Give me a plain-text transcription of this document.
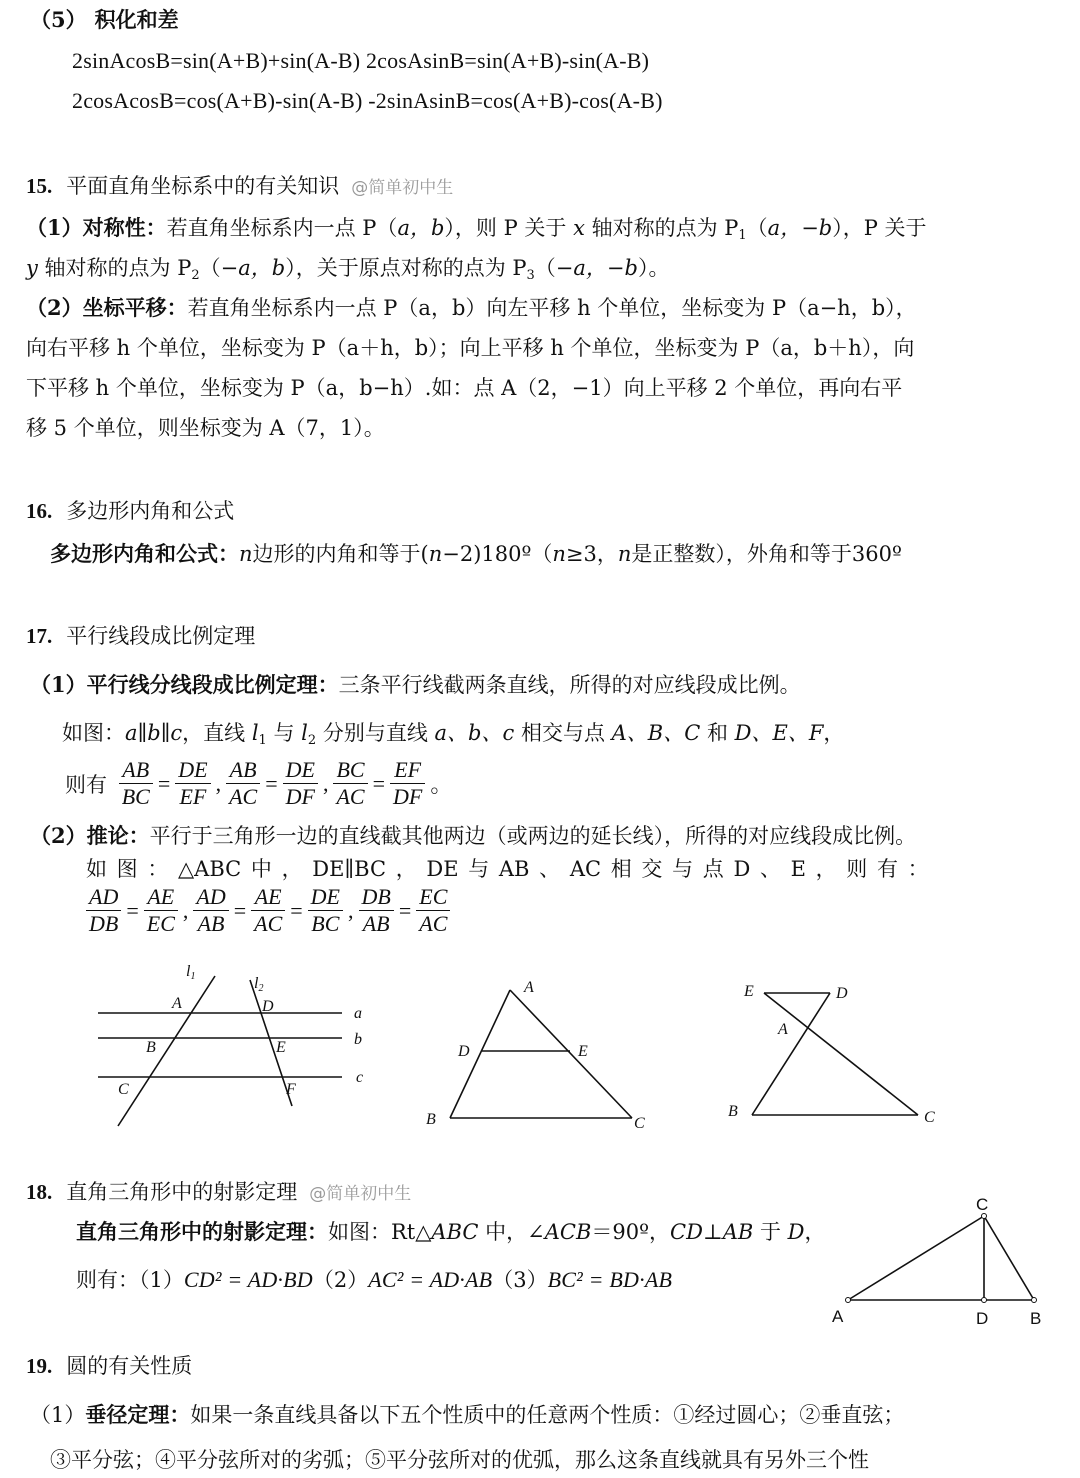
（5） 积化和差
2sinAcosB=sin(A+B)+sin(A-B) 2cosAsinB=sin(A+B)-sin(A-B)
2cosAcosB=cos(A+B)-sin(A-B) -2sinAsinB=cos(A+B)-cos(A-B)
15. 平面直角坐标系中的有关知识 @简单初中生
（1）对称性：若直角坐标系内一点 P（a，b），则 P 关于 x 轴对称的点为 $P_1(a$，−b），P 关于
y 轴对称的点为 $P_2(-a$，b），关于原点对称的点为 $P_3(-a$，−b）。
（2）坐标平移：若直角坐标系内一点 P（a，b）向左平移 h 个单位，坐标变为 P（a−h，b），
向右平移 h 个单位，坐标变为 P（a＋h，b）；向上平移 h 个单位，坐标变为 P（a，b＋h），向
下平移 h 个单位，坐标变为 P（a，b−h）.如：点 A（2，−1）向上平移 2 个单位，再向右平
移 5 个单位，则坐标变为 A（7，1）。
16. 多边形内角和公式
多边形内角和公式：n边形的内角和等于(n−2)180º（n≥3，n是正整数），外角和等于360º
17. 平行线段成比例定理
（1）平行线分线段成比例定理：三条平行线截两条直线，所得的对应线段成比例。
如图：a∥b∥c，直线 $l_1$ 与 $l_2$ 分别与直线 a、b、c 相交与点 A、B、C 和 D、E、F，
则有 $\frac{AB}{BC} = \frac{DE}{EF}$ , $\frac{AB}{AC} = \frac{DE}{DF}$ , $\frac{BC}{AC} = \frac{EF}{DF}$ 。
（2）推论：平行于三角形一边的直线截其他两边（或两边的延长线），所得的对应线段成比例。
如 图 ： △ABC 中 ， DE∥BC ， DE 与 AB 、 AC 相 交 与 点 D 、 E ， 则 有 ：
$\frac{AD}{DB} = \frac{AE}{EC}$ , $\frac{AD}{AB} = \frac{AE}{AC} = \frac{DE}{BC}$ , $\frac{DB}{AB} = \frac{EC}{AC}$
l1	l2
A	D	a
B	E	b
C	F
c
A
D	E
B	C
E	D
A
B	C
18. 直角三角形中的射影定理 @简单初中生
直角三角形中的射影定理：如图：Rt△ABC 中，∠ACB＝90º，CD⊥AB 于 D，
则有：（1）CD² = AD·BD（2）AC² = AD·AB（3）BC² = BD·AB
C
A	D B
19. 圆的有关性质
（1）垂径定理：如果一条直线具备以下五个性质中的任意两个性质：①经过圆心；②垂直弦；
③平分弦；④平分弦所对的劣弧；⑤平分弦所对的优弧，那么这条直线就具有另外三个性
